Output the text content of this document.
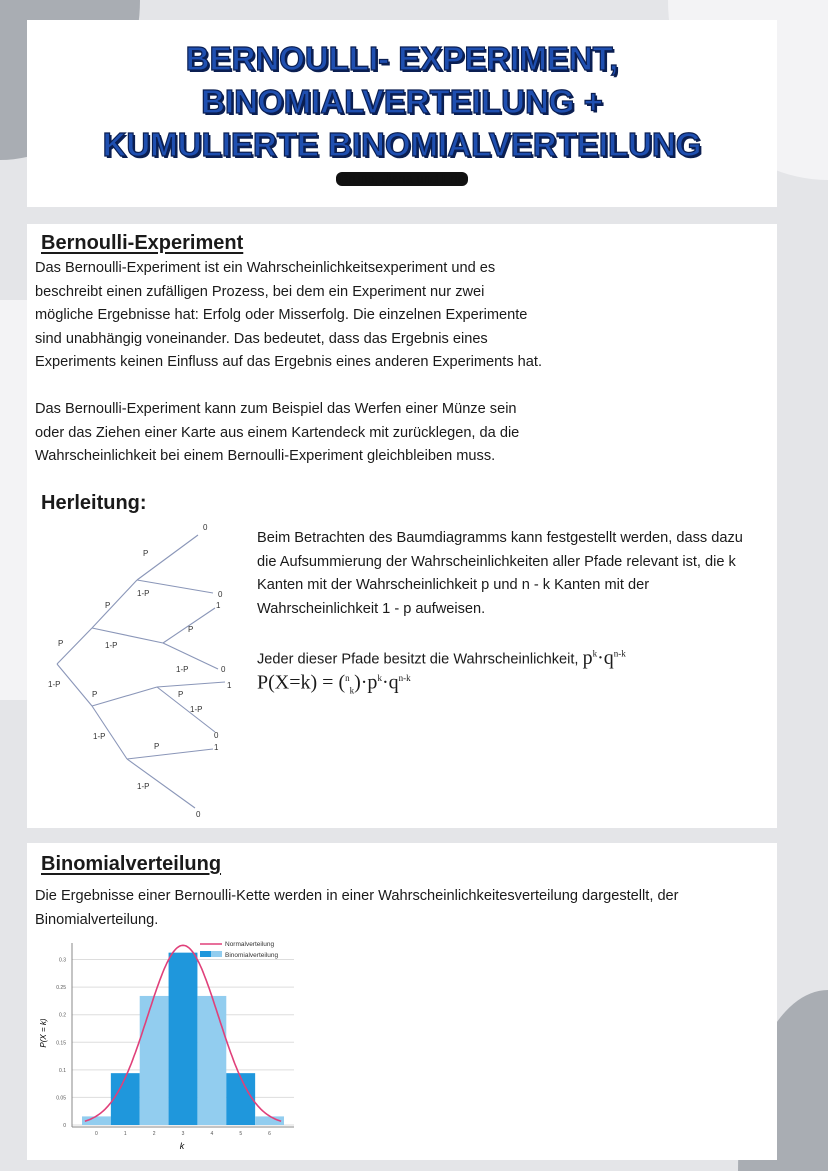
BERNOULLI- EXPERIMENT,
BINOMIALVERTEILUNG +
KUMULIERTE BINOMIALVERTEILUNG
Bruno, Jiana und Eric
Bernoulli-Experiment

Das Bernoulli-Experiment ist ein Wahrscheinlichkeitsexperiment und es beschreibt einen zufälligen Prozess, bei dem ein Experiment nur zwei mögliche Ergebnisse hat: Erfolg oder Misserfolg. Die einzelnen Experimente sind unabhängig voneinander. Das bedeutet, dass das Ergebnis eines Experiments keinen Einfluss auf das Ergebnis eines anderen Experiments hat.

Das Bernoulli-Experiment kann zum Beispiel das Werfen einer Münze sein oder das Ziehen einer Karte aus einem Kartendeck mit zurücklegen, da die Wahrscheinlichkeit bei einem Bernoulli-Experiment gleichbleiben muss.

Herleitung:

Beim Betrachten des Baumdiagramms kann festgestellt werden, dass dazu die Aufsummierung der Wahrscheinlichkeiten aller Pfade relevant ist, die k Kanten mit der Wahrscheinlichkeit p und n - k Kanten mit der Wahrscheinlichkeit 1 - p aufweisen.

Jeder dieser Pfade besitzt die Wahrscheinlichkeit, $p^k\cdot q^{n-k}$

$P(X=k) = (^n_k)\cdot p^k\cdot q^{n-k}$
P
P
P
P
P	P
P
1-P
1-P
1-P
1-P
1-P
1-P
1-P
0
0
1
0
1
0
1
0
Binomialverteilung

Die Ergebnisse einer Bernoulli-Kette werden in einer Wahrscheinlichkeitesverteilung dargestellt, der Binomialverteilung.

0
0.05
0.1
0.15
0.2
0.25
0.3
0	1	2	3	4	5	6
k
P(X = k)
Normalverteilung
Binomialverteilung
